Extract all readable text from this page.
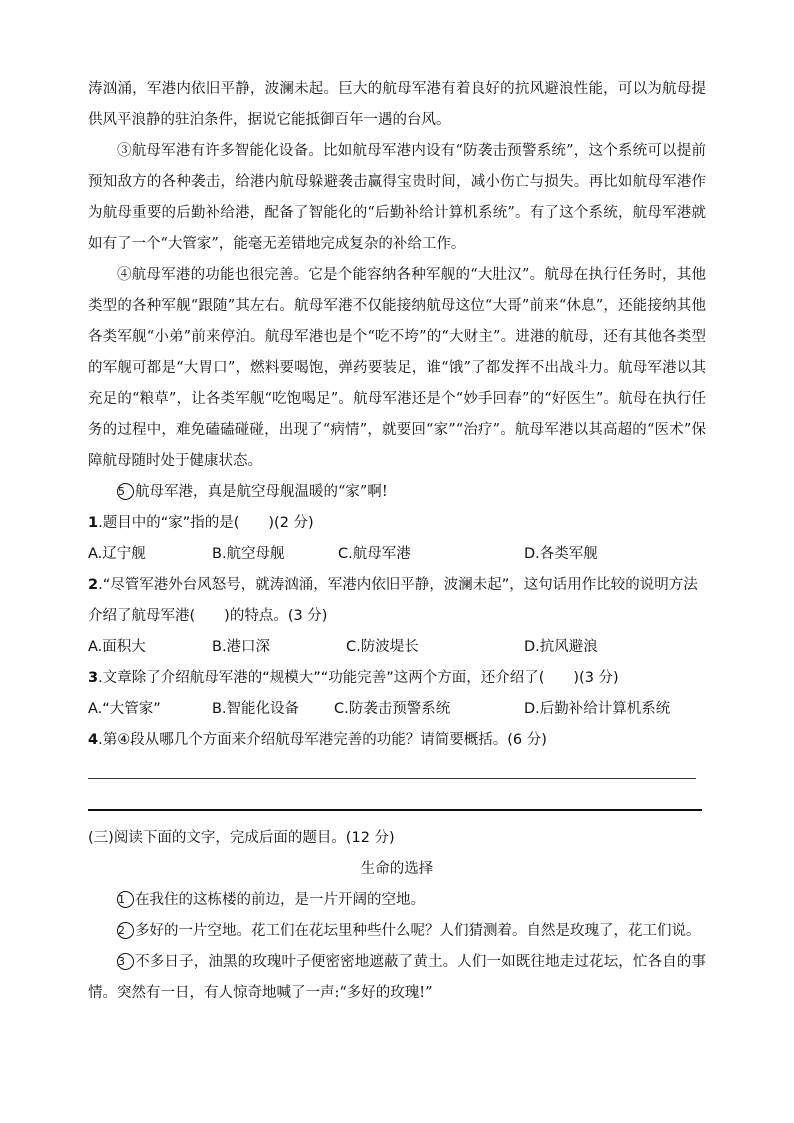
涛汹涌，军港内依旧平静，波澜未起。巨大的航母军港有着良好的抗风避浪性能，可以为航母提供风平浪静的驻泊条件，据说它能抵御百年一遇的台风。

③航母军港有许多智能化设备。比如航母军港内设有“防袭击预警系统”，这个系统可以提前预知敌方的各种袭击，给港内航母躲避袭击赢得宝贵时间，减小伤亡与损失。再比如航母军港作为航母重要的后勤补给港，配备了智能化的“后勤补给计算机系统”。有了这个系统，航母军港就如有了一个“大管家”，能毫无差错地完成复杂的补给工作。

④航母军港的功能也很完善。它是个能容纳各种军舰的“大肚汉”。航母在执行任务时，其他类型的各种军舰“跟随”其左右。航母军港不仅能接纳航母这位“大哥”前来“休息”，还能接纳其他各类军舰“小弟”前来停泊。航母军港也是个“吃不垮”的“大财主”。进港的航母，还有其他各类型的军舰可都是“大胃口”，燃料要喝饱，弹药要装足，谁“饿”了都发挥不出战斗力。航母军港以其充足的“粮草”，让各类军舰“吃饱喝足”。航母军港还是个“妙手回春”的“好医生”。航母在执行任务的过程中，难免磕磕碰碰，出现了“病情”，就要回“家”“治疗”。航母军港以其高超的“医术”保障航母随时处于健康状态。

5 航母军港，真是航空母舰温暖的“家”啊!

1.题目中的“家”指的是(　　)(2 分)

A.辽宁舰	B.航空母舰	C.航母军港	D.各类军舰

2.“尽管军港外台风怒号，就涛汹涌，军港内依旧平静，波澜未起”，这句话用作比较的说明方法介绍了航母军港(　　)的特点。(3 分)

A.面积大	B.港口深	C.防波堤长	D.抗风避浪

3.文章除了介绍航母军港的“规模大”“功能完善”这两个方面，还介绍了(　　)(3 分)

A.“大管家”	B.智能化设备	C.防袭击预警系统	D.后勤补给计算机系统

4.第④段从哪几个方面来介绍航母军港完善的功能？请简要概括。(6 分)

(三)阅读下面的文字，完成后面的题目。(12 分)

生命的选择

1 在我住的这栋楼的前边，是一片开阔的空地。

2 多好的一片空地。花工们在花坛里种些什么呢？人们猜测着。自然是玫瑰了，花工们说。

3 不多日子，油黑的玫瑰叶子便密密地遮蔽了黄土。人们一如既往地走过花坛，忙各自的事情。突然有一日，有人惊奇地喊了一声:“多好的玫瑰!”
